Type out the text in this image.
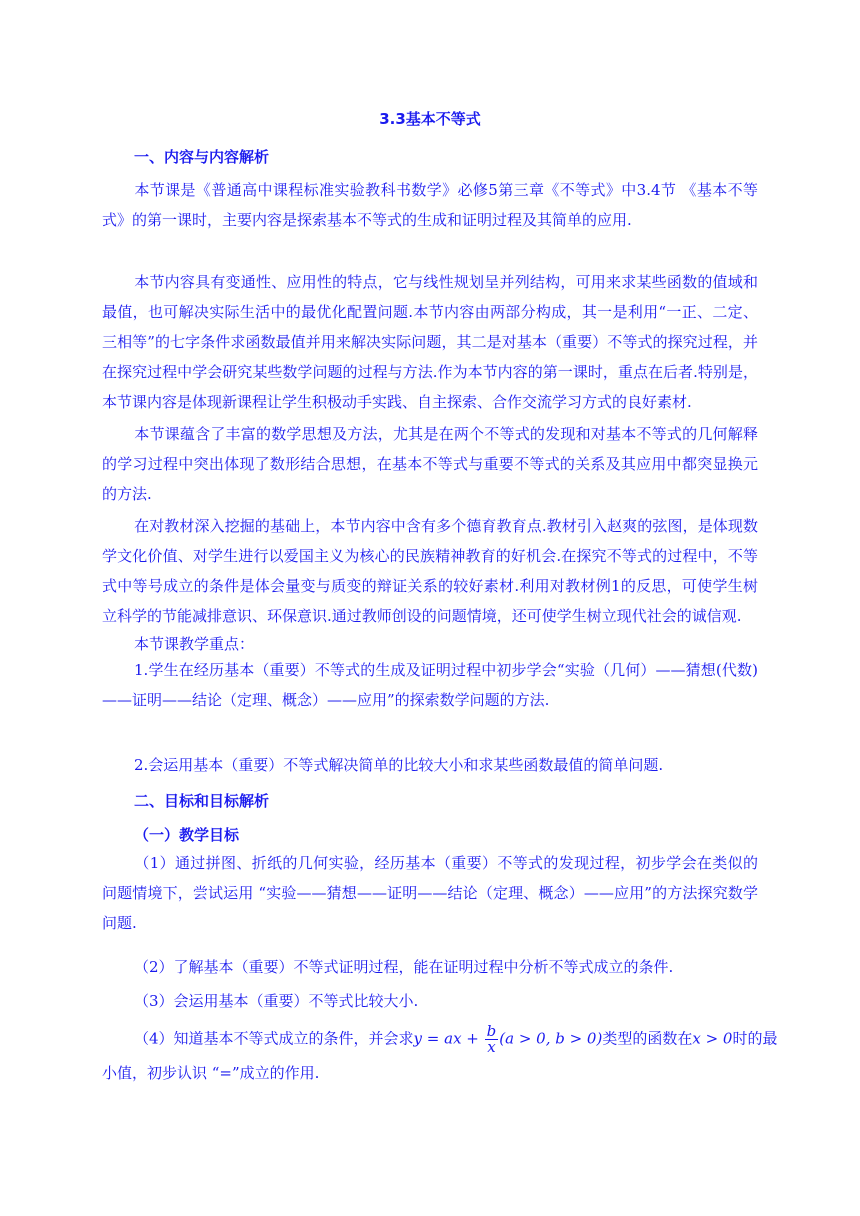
3.3基本不等式
一、内容与内容解析

本节课是《普通高中课程标准实验教科书数学》必修5第三章《不等式》中3.4节 《基本不等式》的第一课时，主要内容是探索基本不等式的生成和证明过程及其简单的应用.

本节内容具有变通性、应用性的特点，它与线性规划呈并列结构，可用来求某些函数的值域和最值，也可解决实际生活中的最优化配置问题.本节内容由两部分构成，其一是利用“一正、二定、三相等”的七字条件求函数最值并用来解决实际问题，其二是对基本（重要）不等式的探究过程，并在探究过程中学会研究某些数学问题的过程与方法.作为本节内容的第一课时，重点在后者.特别是，本节课内容是体现新课程让学生积极动手实践、自主探索、合作交流学习方式的良好素材.

本节课蕴含了丰富的数学思想及方法，尤其是在两个不等式的发现和对基本不等式的几何解释的学习过程中突出体现了数形结合思想，在基本不等式与重要不等式的关系及其应用中都突显换元的方法.

在对教材深入挖掘的基础上，本节内容中含有多个德育教育点.教材引入赵爽的弦图，是体现数学文化价值、对学生进行以爱国主义为核心的民族精神教育的好机会.在探究不等式的过程中，不等式中等号成立的条件是体会量变与质变的辩证关系的较好素材.利用对教材例1的反思，可使学生树立科学的节能减排意识、环保意识.通过教师创设的问题情境，还可使学生树立现代社会的诚信观.

本节课教学重点：

1.学生在经历基本（重要）不等式的生成及证明过程中初步学会“实验（几何）——猜想(代数)——证明——结论（定理、概念）——应用”的探索数学问题的方法.

2.会运用基本（重要）不等式解决简单的比较大小和求某些函数最值的简单问题.
二、目标和目标解析
（一）教学目标

（1）通过拼图、折纸的几何实验，经历基本（重要）不等式的发现过程，初步学会在类似的问题情境下，尝试运用 “实验——猜想——证明——结论（定理、概念）——应用”的方法探究数学问题.

（2）了解基本（重要）不等式证明过程，能在证明过程中分析不等式成立的条件.
（3）会运用基本（重要）不等式比较大小.
（4）知道基本不等式成立的条件，并会求y = ax + $\frac{b}{x} (a > 0$, b > 0)类型的函数在x > 0时的最
小值，初步认识 “=”成立的作用.
